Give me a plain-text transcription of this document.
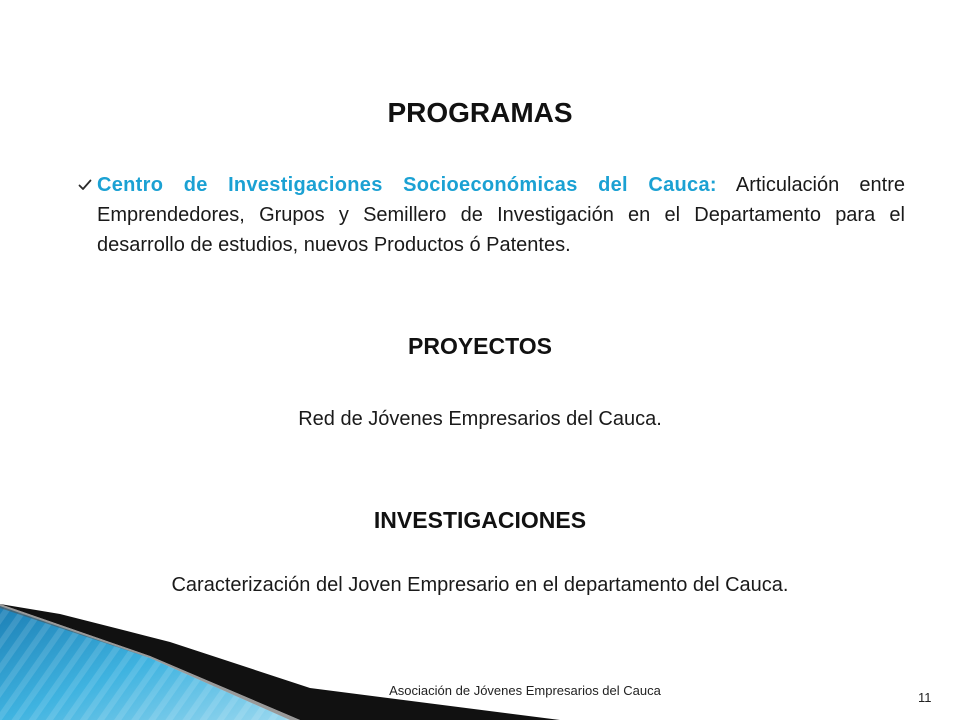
PROGRAMAS
Centro de Investigaciones Socioeconómicas del Cauca: Articulación entre Emprendedores, Grupos y Semillero de Investigación en el Departamento para el desarrollo de estudios, nuevos Productos ó Patentes.
PROYECTOS
Red de Jóvenes Empresarios del Cauca.
INVESTIGACIONES
Caracterización del Joven Empresario en el departamento del Cauca.
Asociación de Jóvenes Empresarios del Cauca	11
